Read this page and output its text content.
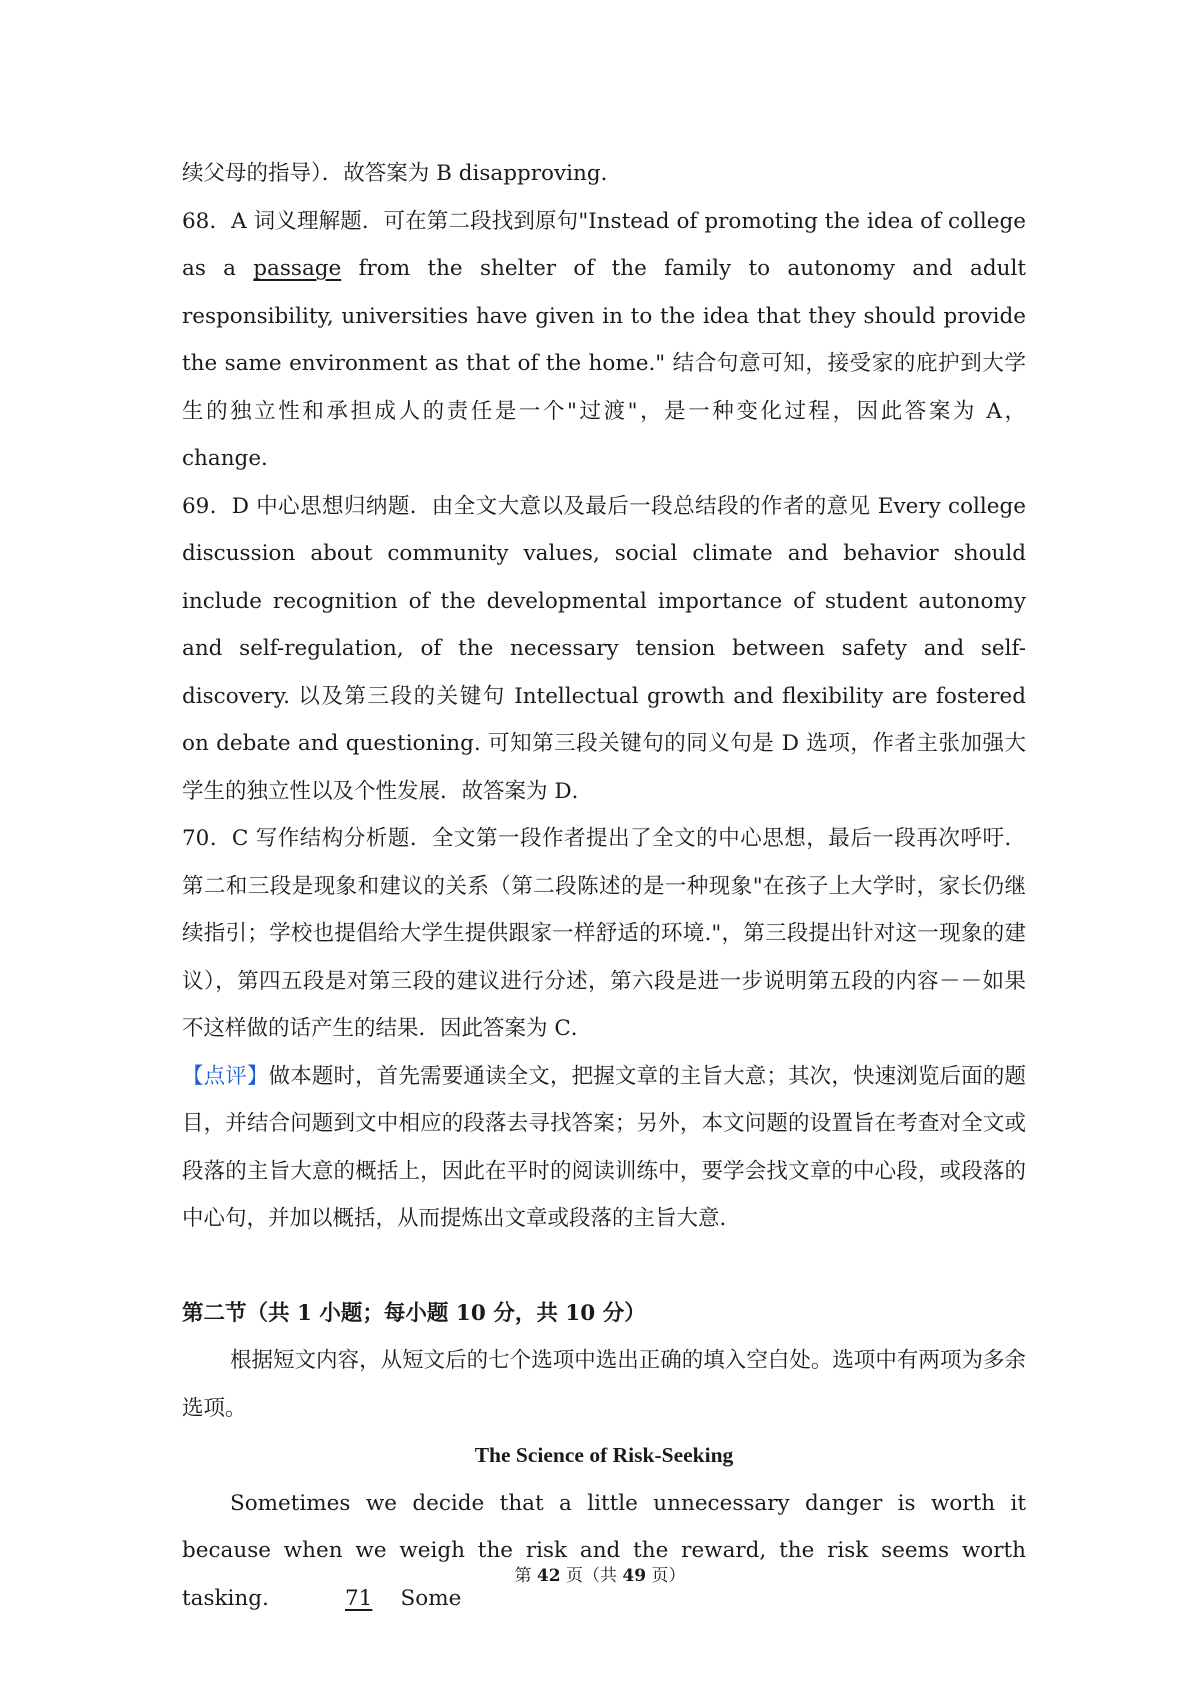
续父母的指导）．故答案为 B disapproving．

68．A 词义理解题．可在第二段找到原句"Instead of promoting the idea of college as a passage from the shelter of the family to autonomy and adult responsibility, universities have given in to the idea that they should provide the same environment as that of the home." 结合句意可知，接受家的庇护到大学生的独立性和承担成人的责任是一个"过渡"，是一种变化过程，因此答案为 A，change．

69．D 中心思想归纳题．由全文大意以及最后一段总结段的作者的意见 Every college discussion about community values, social climate and behavior should include recognition of the developmental importance of student autonomy and self-regulation, of the necessary tension between safety and self-discovery. 以及第三段的关键句 Intellectual growth and flexibility are fostered on debate and questioning. 可知第三段关键句的同义句是 D 选项，作者主张加强大学生的独立性以及个性发展．故答案为 D．

70．C 写作结构分析题．全文第一段作者提出了全文的中心思想，最后一段再次呼吁．第二和三段是现象和建议的关系（第二段陈述的是一种现象"在孩子上大学时，家长仍继续指引；学校也提倡给大学生提供跟家一样舒适的环境."，第三段提出针对这一现象的建议），第四五段是对第三段的建议进行分述，第六段是进一步说明第五段的内容－－如果不这样做的话产生的结果．因此答案为 C．

【点评】做本题时，首先需要通读全文，把握文章的主旨大意；其次，快速浏览后面的题目，并结合问题到文中相应的段落去寻找答案；另外，本文问题的设置旨在考查对全文或段落的主旨大意的概括上，因此在平时的阅读训练中，要学会找文章的中心段，或段落的中心句，并加以概括，从而提炼出文章或段落的主旨大意．

第二节（共 1 小题；每小题 10 分，共 10 分）

根据短文内容，从短文后的七个选项中选出正确的填入空白处。选项中有两项为多余选项。

The Science of Risk-Seeking

Sometimes we decide that a little unnecessary danger is worth it because when we weigh the risk and the reward, the risk seems worth tasking.	71 Some

第 42 页（共 49 页）
